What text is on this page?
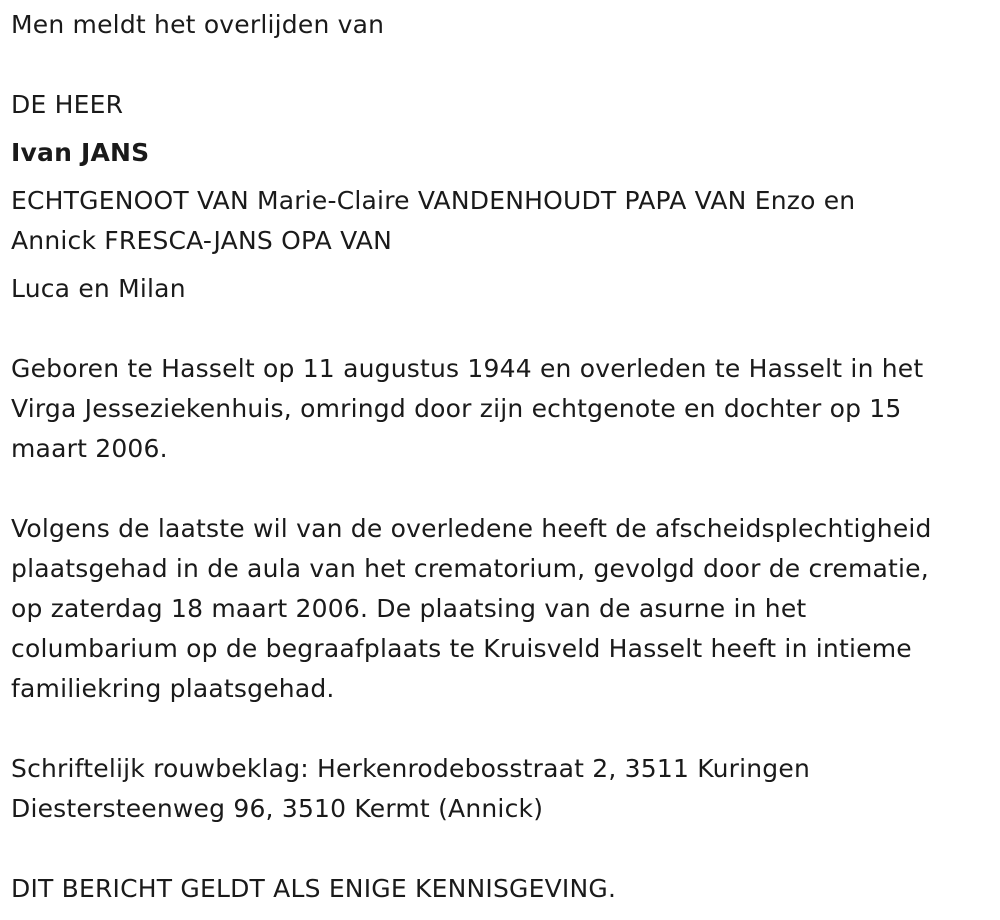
Men meldt het overlijden van

DE HEER

Ivan JANS

ECHTGENOOT VAN Marie-Claire VANDENHOUDT PAPA VAN Enzo en

Annick FRESCA-JANS OPA VAN

Luca en Milan

Geboren te Hasselt op 11 augustus 1944 en overleden te Hasselt in het

Virga Jesseziekenhuis, omringd door zijn echtgenote en dochter op 15

maart 2006.

Volgens de laatste wil van de overledene heeft de afscheidsplechtigheid

plaatsgehad in de aula van het crematorium, gevolgd door de crematie,

op zaterdag 18 maart 2006. De plaatsing van de asurne in het

columbarium op de begraafplaats te Kruisveld Hasselt heeft in intieme

familiekring plaatsgehad.

Schriftelijk rouwbeklag: Herkenrodebosstraat 2, 3511 Kuringen

Diestersteenweg 96, 3510 Kermt (Annick)

DIT BERICHT GELDT ALS ENIGE KENNISGEVING.
